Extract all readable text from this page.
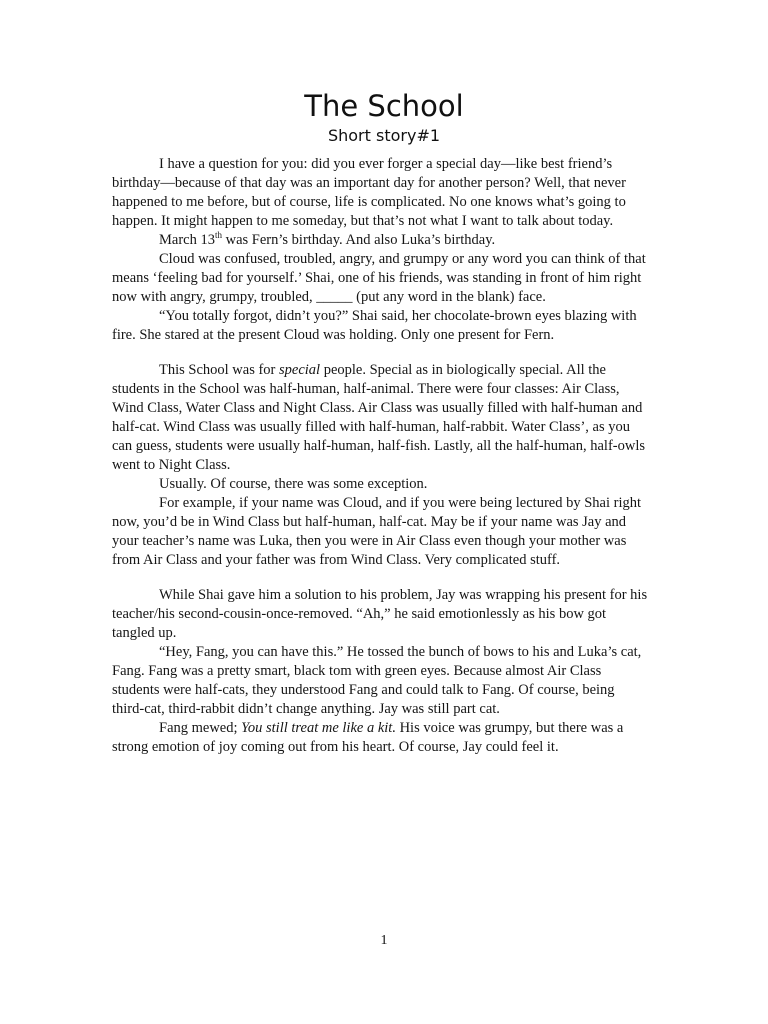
The School
Short story#1

I have a question for you: did you ever forger a special day—like best friend’s birthday—because of that day was an important day for another person? Well, that never happened to me before, but of course, life is complicated. No one knows what’s going to happen. It might happen to me someday, but that’s not what I want to talk about today.

March 13th was Fern’s birthday. And also Luka’s birthday.

Cloud was confused, troubled, angry, and grumpy or any word you can think of that means ‘feeling bad for yourself.’ Shai, one of his friends, was standing in front of him right now with angry, grumpy, troubled, _____ (put any word in the blank) face.

“You totally forgot, didn’t you?” Shai said, her chocolate-brown eyes blazing with fire. She stared at the present Cloud was holding. Only one present for Fern.

This School was for special people. Special as in biologically special. All the students in the School was half-human, half-animal. There were four classes: Air Class, Wind Class, Water Class and Night Class. Air Class was usually filled with half-human and half-cat. Wind Class was usually filled with half-human, half-rabbit. Water Class’, as you can guess, students were usually half-human, half-fish. Lastly, all the half-human, half-owls went to Night Class.

Usually. Of course, there was some exception.

For example, if your name was Cloud, and if you were being lectured by Shai right now, you’d be in Wind Class but half-human, half-cat. May be if your name was Jay and your teacher’s name was Luka, then you were in Air Class even though your mother was from Air Class and your father was from Wind Class. Very complicated stuff.

While Shai gave him a solution to his problem, Jay was wrapping his present for his teacher/his second-cousin-once-removed. “Ah,” he said emotionlessly as his bow got tangled up.

“Hey, Fang, you can have this.” He tossed the bunch of bows to his and Luka’s cat, Fang. Fang was a pretty smart, black tom with green eyes. Because almost Air Class students were half-cats, they understood Fang and could talk to Fang. Of course, being third-cat, third-rabbit didn’t change anything. Jay was still part cat.

Fang mewed; You still treat me like a kit. His voice was grumpy, but there was a strong emotion of joy coming out from his heart. Of course, Jay could feel it.

1
